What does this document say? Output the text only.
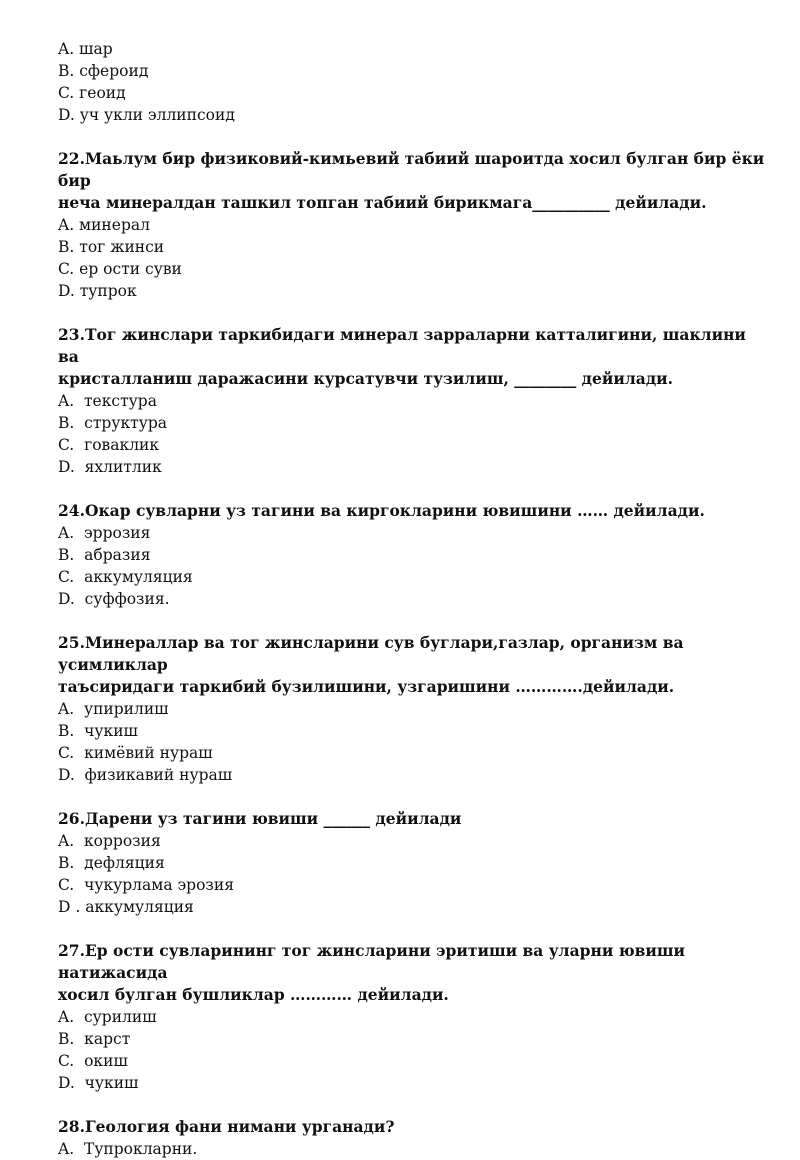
A. шар
B. сфероид
C. геоид
D. уч укли эллипсоид
22.Маьлум бир физиковий-кимьевий табиий шароитда хосил булган бир ёки бир
неча минералдан ташкил топган табиий бирикмага__________ дейилади.
A. минерал
B. тог жинси
C. ер ости суви
D. тупрок
23.Тог жинслари таркибидаги минерал зарраларни катталигини, шаклини ва
кристалланиш даражасини курсатувчи тузилиш, ________ дейилади.
A.  текстура
B.  структура
C.  говаклик
D.  яхлитлик
24.Окар сувларни уз тагини ва киргокларини ювишини …… дейилади.
A.  эррозия
B.  абразия
C.  аккумуляция
D.  суффозия.
25.Минераллар ва тог жинсларини сув буглари,газлар, организм ва усимликлар
таъсиридаги таркибий бузилишини, узгаришини ………….дейилади.
A.  упирилиш
B.  чукиш
C.  кимёвий нураш
D.  физикавий нураш
26.Дарени уз тагини ювиши ______ дейилади
A.  коррозия
B.  дефляция
C.  чукурлама эрозия
D . аккумуляция
27.Ер ости сувларининг тог жинсларини эритиши ва уларни ювиши натижасида
хосил булган бушликлар ………… дейилади.
A.  сурилиш
B.  карст
C.  окиш
D.  чукиш
28.Геология фани нимани урганади?
A.  Тупрокларни.
